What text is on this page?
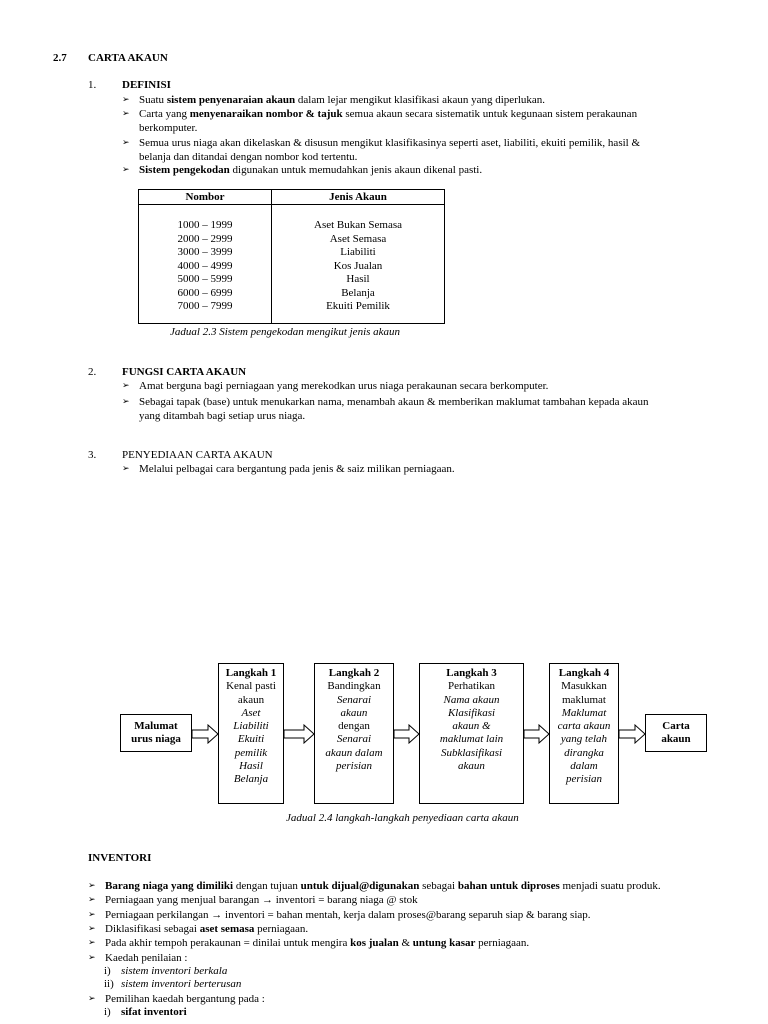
2.7 CARTA AKAUN
1. DEFINISI
➢ Suatu sistem penyenaraian akaun dalam lejar mengikut klasifikasi akaun yang diperlukan.
➢ Carta yang menyenaraikan nombor & tajuk semua akaun secara sistematik untuk kegunaan sistem perakaunan
berkomputer.
➢ Semua urus niaga akan dikelaskan & disusun mengikut klasifikasinya seperti aset, liabiliti, ekuiti pemilik, hasil &
belanja dan ditandai dengan nombor kod tertentu.
➢ Sistem pengekodan digunakan untuk memudahkan jenis akaun dikenal pasti.
Nombor	Jenis Akaun
1000 – 1999
2000 – 2999
3000 – 3999
4000 – 4999
5000 – 5999
6000 – 6999
7000 – 7999
Aset Bukan Semasa
Aset Semasa
Liabiliti
Kos Jualan
Hasil
Belanja
Ekuiti Pemilik
Jadual 2.3 Sistem pengekodan mengikut jenis akaun
2. FUNGSI CARTA AKAUN
➢ Amat berguna bagi perniagaan yang merekodkan urus niaga perakaunan secara berkomputer.
➢ Sebagai tapak (base) untuk menukarkan nama, menambah akaun & memberikan maklumat tambahan kepada akaun
yang ditambah bagi setiap urus niaga.
3. PENYEDIAAN CARTA AKAUN
➢ Melalui pelbagai cara bergantung pada jenis & saiz milikan perniagaan.
Malumat
urus niaga
Langkah 1
Kenal pasti
akaun
Aset
Liabiliti
Ekuiti
pemilik
Hasil
Belanja
Langkah 2
Bandingkan
Senarai
akaun
dengan
Senarai
akaun dalam
perisian
Langkah 3
Perhatikan
Nama akaun
Klasifikasi
akaun &
maklumat lain
Subklasifikasi
akaun
Langkah 4
Masukkan
maklumat
Maklumat
carta akaun
yang telah
dirangka
dalam
perisian
Carta
akaun
Jadual 2.4 langkah-langkah penyediaan carta akaun
INVENTORI
➢ Barang niaga yang dimiliki dengan tujuan untuk dijual@digunakan sebagai bahan untuk diproses menjadi suatu produk.
➢ Perniagaan yang menjual barangan → inventori = barang niaga @ stok
➢ Perniagaan perkilangan → inventori = bahan mentah, kerja dalam proses@barang separuh siap & barang siap.
➢ Diklasifikasi sebagai aset semasa perniagaan.
➢ Pada akhir tempoh perakaunan = dinilai untuk mengira kos jualan & untung kasar perniagaan.
➢ Kaedah penilaian :
i) sistem inventori berkala
ii) sistem inventori berterusan
➢ Pemilihan kaedah bergantung pada :
i) sifat inventori
